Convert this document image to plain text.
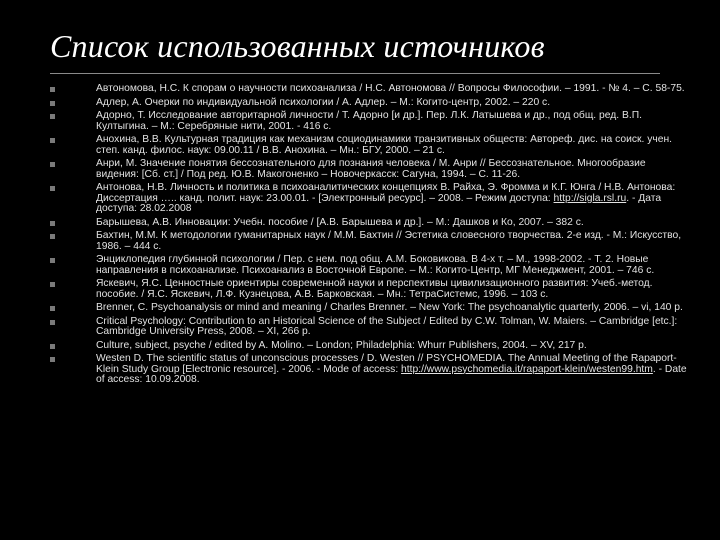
Список использованных источников
Автономова, Н.С. К спорам о научности психоанализа / Н.С. Автономова // Вопросы Философии. – 1991. - № 4. – С. 58-75.
Адлер, А. Очерки по индивидуальной психологии / А. Адлер. – М.: Когито-центр, 2002. – 220 с.
Адорно, Т. Исследование авторитарной личности / Т. Адорно [и др.]. Пер. Л.К. Латышева и др., под общ. ред. В.П. Култыгина. – М.: Серебряные нити, 2001. - 416 с.
Анохина, В.В. Культурная традиция как механизм социодинамики транзитивных обществ: Автореф. дис. на соиск. учен. степ. канд. филос. наук: 09.00.11 / В.В. Анохина. – Мн.: БГУ, 2000. – 21 с.
Анри, М. Значение понятия бессознательного для познания человека / М. Анри // Бессознательное. Многообразие видения: [Сб. ст.] / Под ред. Ю.В. Макогоненко – Новочеркасск: Сагуна, 1994. – С. 11-26.
Антонова, Н.В. Личность и политика в психоаналитических концепциях В. Райха, Э. Фромма и К.Г. Юнга / Н.В. Антонова: Диссертация ….. канд. полит. наук: 23.00.01. - [Электронный ресурс]. – 2008. – Режим доступа: http://sigla.rsl.ru. - Дата доступа: 28.02.2008
Барышева, А.В. Инновации: Учебн. пособие / [А.В. Барышева и др.]. – М.: Дашков и Ко, 2007. – 382 с.
Бахтин, М.М. К методологии гуманитарных наук / М.М. Бахтин // Эстетика словесного творчества. 2-е изд. - М.: Искусство, 1986. – 444 с.
Энциклопедия глубинной психологии / Пер. с нем. под общ. А.М. Боковикова. В 4-х т. – М., 1998-2002. - Т. 2. Новые направления в психоанализе. Психоанализ в Восточной Европе. – М.: Когито-Центр, МГ Менеджмент, 2001. – 746 с.
Яскевич, Я.С. Ценностные ориентиры современной науки и перспективы цивилизационного развития: Учеб.-метод. пособие. / Я.С. Яскевич, Л.Ф. Кузнецова, А.В. Барковская. – Мн.: ТетраСистемс, 1996. – 103 с.
Brenner, C. Psychoanalysis or mind and meaning / Charles Brenner. – New York: The psychoanalytic quarterly, 2006. – vi, 140 p.
Critical Psychology: Contribution to an Historical Science of the Subject / Edited by C.W. Tolman, W. Maiers. – Cambridge [etc.]: Cambridge University Press, 2008. – XI, 266 p.
Culture, subject, psyche / edited by A. Molino. – London; Philadelphia: Whurr Publishers, 2004. – XV, 217 p.
Westen D. The scientific status of unconscious processes / D. Westen // PSYCHOMEDIA. The Annual Meeting of the Rapaport-Klein Study Group [Electronic resource]. - 2006. - Mode of access: http://www.psychomedia.it/rapaport-klein/westen99.htm. - Date of access: 10.09.2008.
